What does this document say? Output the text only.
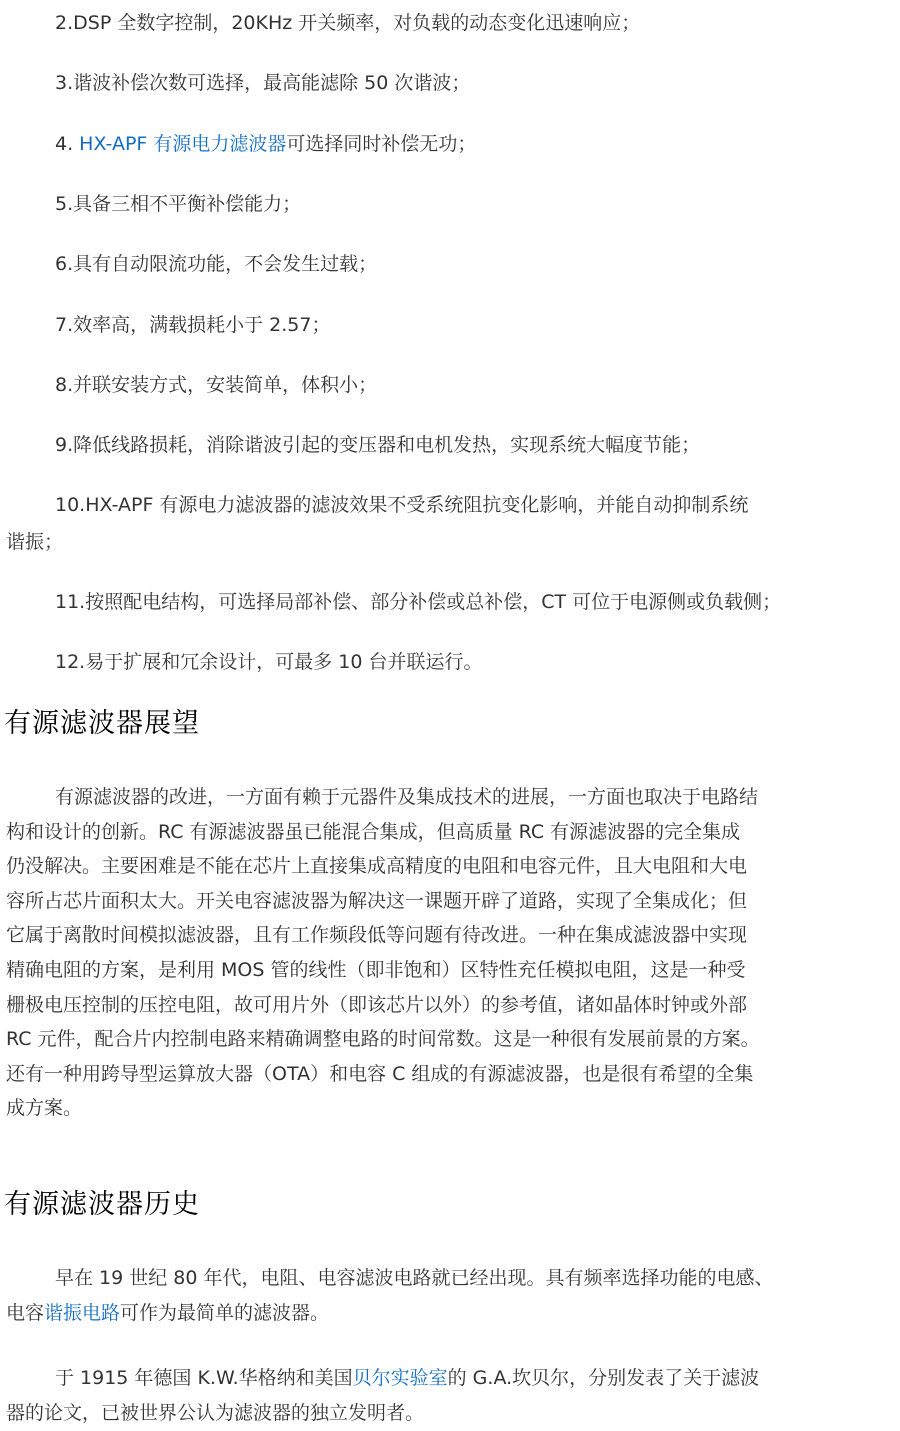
2.DSP 全数字控制，20KHz 开关频率，对负载的动态变化迅速响应；

3.谐波补偿次数可选择，最高能滤除 50 次谐波；

4. HX-APF 有源电力滤波器可选择同时补偿无功；

5.具备三相不平衡补偿能力；

6.具有自动限流功能，不会发生过载；

7.效率高，满载损耗小于 2.57；

8.并联安装方式，安装简单，体积小；

9.降低线路损耗，消除谐波引起的变压器和电机发热，实现系统大幅度节能；

10.HX-APF 有源电力滤波器的滤波效果不受系统阻抗变化影响，并能自动抑制系统

谐振；

11.按照配电结构，可选择局部补偿、部分补偿或总补偿，CT 可位于电源侧或负载侧；

12.易于扩展和冗余设计，可最多 10 台并联运行。

有源滤波器展望
有源滤波器的改进，一方面有赖于元器件及集成技术的进展，一方面也取决于电路结
构和设计的创新。RC 有源滤波器虽已能混合集成，但高质量 RC 有源滤波器的完全集成
仍没解决。主要困难是不能在芯片上直接集成高精度的电阻和电容元件，且大电阻和大电
容所占芯片面积太大。开关电容滤波器为解决这一课题开辟了道路，实现了全集成化；但
它属于离散时间模拟滤波器，且有工作频段低等问题有待改进。一种在集成滤波器中实现
精确电阻的方案，是利用 MOS 管的线性（即非饱和）区特性充任模拟电阻，这是一种受
栅极电压控制的压控电阻，故可用片外（即该芯片以外）的参考值，诸如晶体时钟或外部
RC 元件，配合片内控制电路来精确调整电路的时间常数。这是一种很有发展前景的方案。
还有一种用跨导型运算放大器（OTA）和电容 C 组成的有源滤波器，也是很有希望的全集
成方案。
有源滤波器历史
早在 19 世纪 80 年代，电阻、电容滤波电路就已经出现。具有频率选择功能的电感、
电容谐振电路可作为最简单的滤波器。
于 1915 年德国 K.W.华格纳和美国贝尔实验室的 G.A.坎贝尔，分别发表了关于滤波
器的论文，已被世界公认为滤波器的独立发明者。
